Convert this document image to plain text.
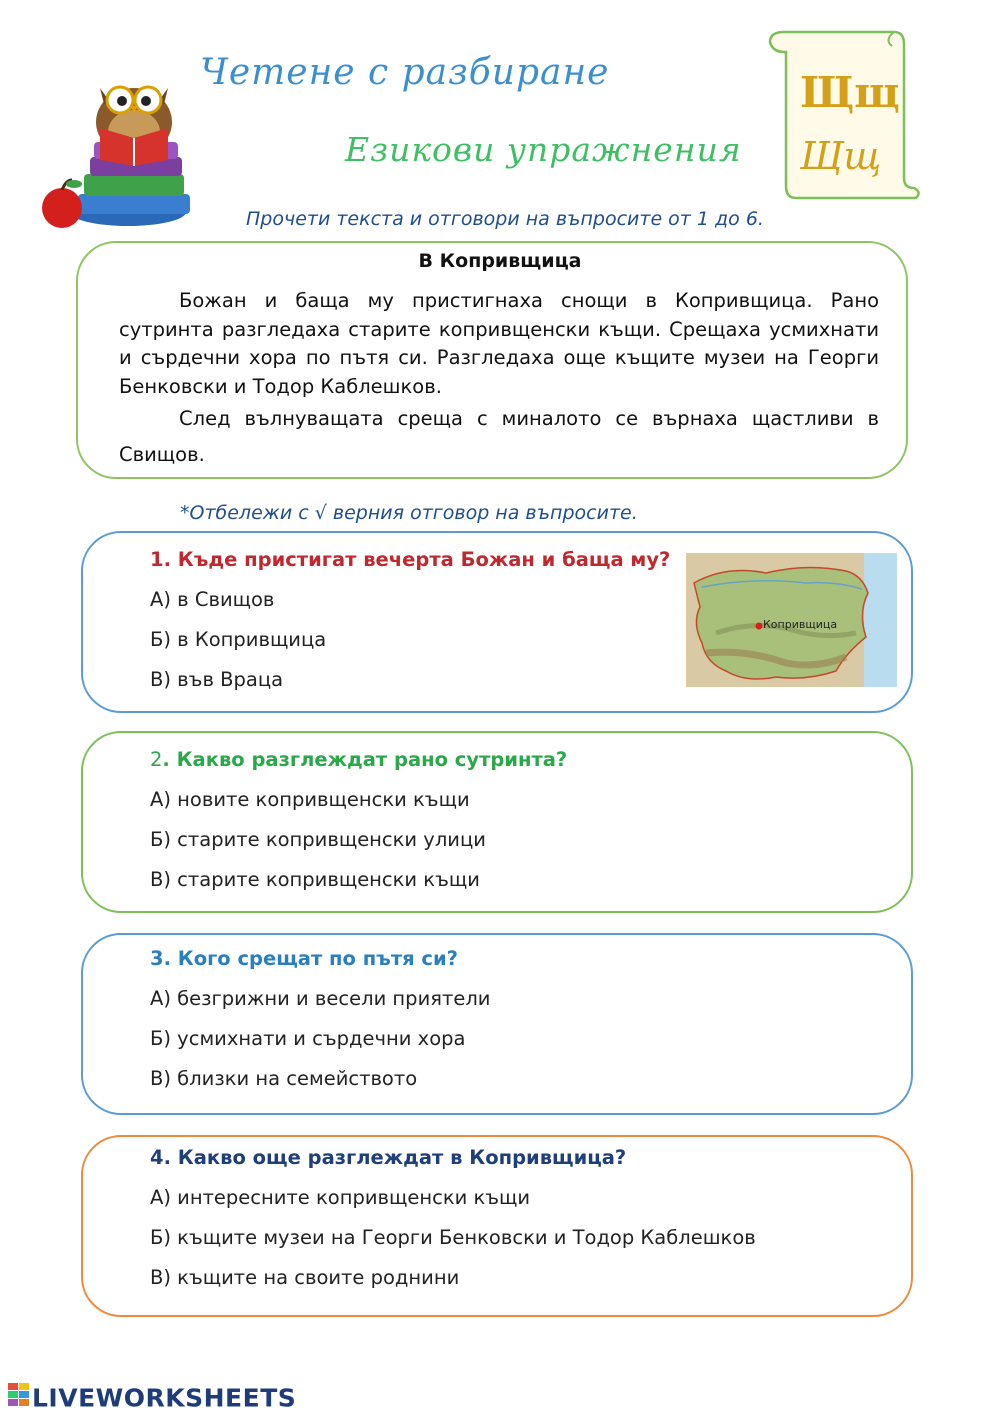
Четене с разбиране
Езикови упражнения
Щщ
Щщ
Прочети текста и отговори на въпросите от 1 до 6.
В Копривщица

Божан и баща му пристигнаха снощи в Копривщица. Рано сутринта разгледаха старите копривщенски къщи. Срещаха усмихнати и сърдечни хора по пътя си. Разгледаха още къщите музеи на Георги Бенковски и Тодор Каблешков.

След вълнуващата среща с миналото се върнаха щастливи в Свищов.

*Отбележи с √ верния отговор на въпросите.
1. Къде пристигат вечерта Божан и баща му?
А) в Свищов
Б) в Копривщица
В) във Враца
Копривщица
2. Какво разглеждат рано сутринта?
А) новите копривщенски къщи
Б) старите копривщенски улици
В) старите копривщенски къщи
3. Кого срещат по пътя си?
А) безгрижни и весели приятели
Б) усмихнати и сърдечни хора
В) близки на семейството
4. Какво още разглеждат в Копривщица?
А) интересните копривщенски къщи
Б) къщите музеи на Георги Бенковски и Тодор Каблешков
В) къщите на своите роднини
LIVEWORKSHEETS
